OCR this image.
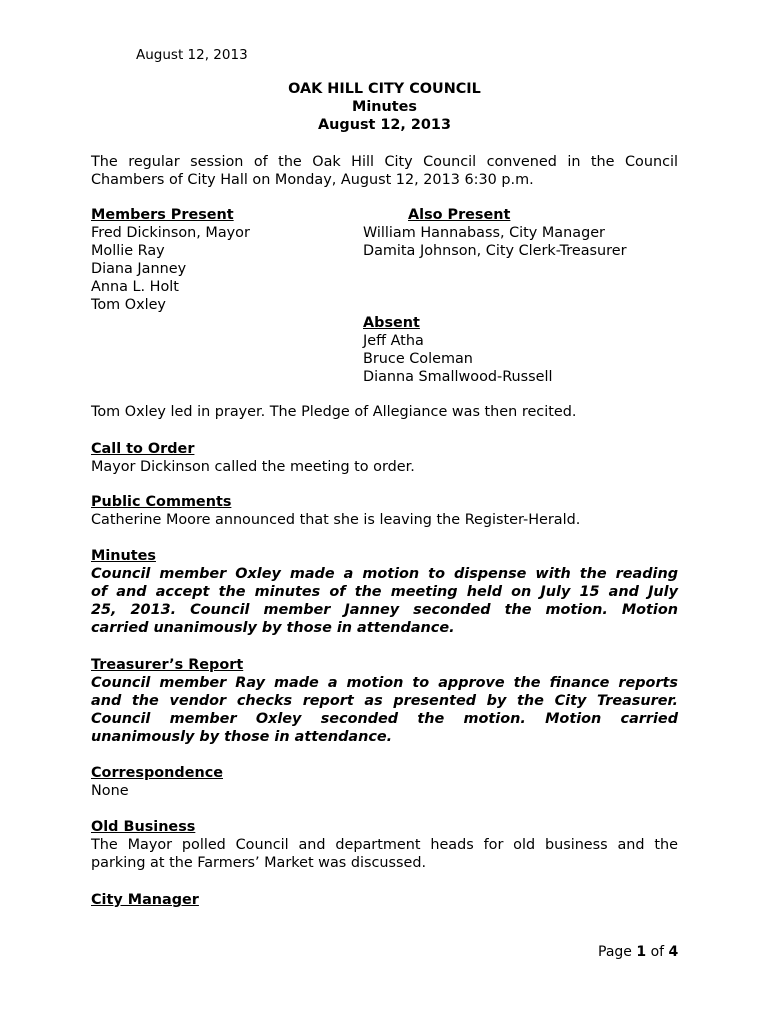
August 12, 2013
OAK HILL CITY COUNCIL
Minutes
August 12, 2013
The regular session of the Oak Hill City Council convened in the Council
Chambers of City Hall on Monday, August 12, 2013 6:30 p.m.
Members Present
Fred Dickinson, Mayor
Mollie Ray
Diana Janney
Anna L. Holt
Tom Oxley
Also Present
William Hannabass, City Manager
Damita Johnson, City Clerk-Treasurer
Absent
Jeff Atha
Bruce Coleman
Dianna Smallwood-Russell
Tom Oxley led in prayer. The Pledge of Allegiance was then recited.
Call to Order
Mayor Dickinson called the meeting to order.
Public Comments
Catherine Moore announced that she is leaving the Register-Herald.
Minutes
Council member Oxley made a motion to dispense with the reading
of and accept the minutes of the meeting held on July 15 and July
25, 2013. Council member Janney seconded the motion. Motion
carried unanimously by those in attendance.
Treasurer’s Report
Council member Ray made a motion to approve the finance reports
and the vendor checks report as presented by the City Treasurer.
Council member Oxley seconded the motion. Motion carried
unanimously by those in attendance.
Correspondence
None
Old Business
The Mayor polled Council and department heads for old business and the
parking at the Farmers’ Market was discussed.
City Manager
Page 1 of 4
